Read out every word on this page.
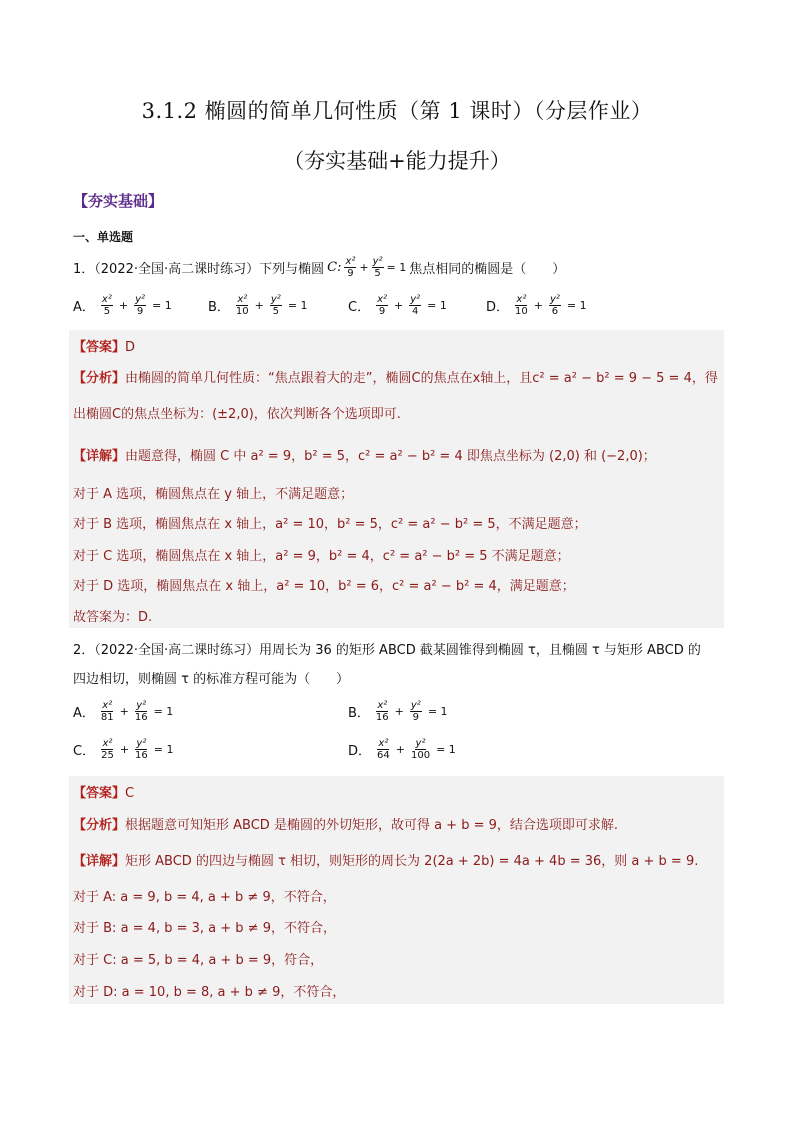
3.1.2 椭圆的简单几何性质（第 1 课时）（分层作业）
（夯实基础+能力提升）
【夯实基础】
一、单选题
1．（2022·全国·高二课时练习）下列与椭圆 C: $\frac{\text{x²}}{9} + \frac{\text{y²}}{5} = 1$ 焦点相同的椭圆是（　　）
A． $\frac{\text{x²}}{5} + \frac{\text{y²}}{9} = 1$	B． $\frac{\text{x²}}{10} + \frac{\text{y²}}{5} = 1$	C． $\frac{\text{x²}}{9} + \frac{\text{y²}}{4} = 1$	D． $\frac{\text{x²}}{10} + \frac{\text{y²}}{6} = 1$
【答案】D
【分析】由椭圆的简单几何性质：“焦点跟着大的走”，椭圆C的焦点在x轴上，且c² = a² − b² = 9 − 5 = 4，得
出椭圆C的焦点坐标为：(±2,0)，依次判断各个选项即可.
【详解】由题意得，椭圆 C 中 a² = 9，b² = 5，c² = a² − b² = 4 即焦点坐标为 (2,0) 和 (−2,0)；
对于 A 选项，椭圆焦点在 y 轴上，不满足题意；
对于 B 选项，椭圆焦点在 x 轴上，a² = 10，b² = 5，c² = a² − b² = 5，不满足题意；
对于 C 选项，椭圆焦点在 x 轴上，a² = 9，b² = 4，c² = a² − b² = 5 不满足题意；
对于 D 选项，椭圆焦点在 x 轴上，a² = 10，b² = 6，c² = a² − b² = 4，满足题意；
故答案为：D.
2．（2022·全国·高二课时练习）用周长为 36 的矩形 ABCD 截某圆锥得到椭圆 τ，且椭圆 τ 与矩形 ABCD 的
四边相切，则椭圆 τ 的标准方程可能为（　　）
A． $\frac{\text{x²}}{81} + \frac{\text{y²}}{16} = 1$	B． $\frac{\text{x²}}{16} + \frac{\text{y²}}{9} = 1$
C． $\frac{\text{x²}}{25} + \frac{\text{y²}}{16} = 1$	D． $\frac{\text{x²}}{64} + \frac{\text{y²}}{100} = 1$
【答案】C
【分析】根据题意可知矩形 ABCD 是椭圆的外切矩形，故可得 a + b = 9，结合选项即可求解.
【详解】矩形 ABCD 的四边与椭圆 τ 相切，则矩形的周长为 2(2a + 2b) = 4a + 4b = 36，则 a + b = 9.
对于 A: a = 9, b = 4, a + b ≠ 9，不符合，
对于 B: a = 4, b = 3, a + b ≠ 9，不符合，
对于 C: a = 5, b = 4, a + b = 9，符合，
对于 D: a = 10, b = 8, a + b ≠ 9，不符合，
